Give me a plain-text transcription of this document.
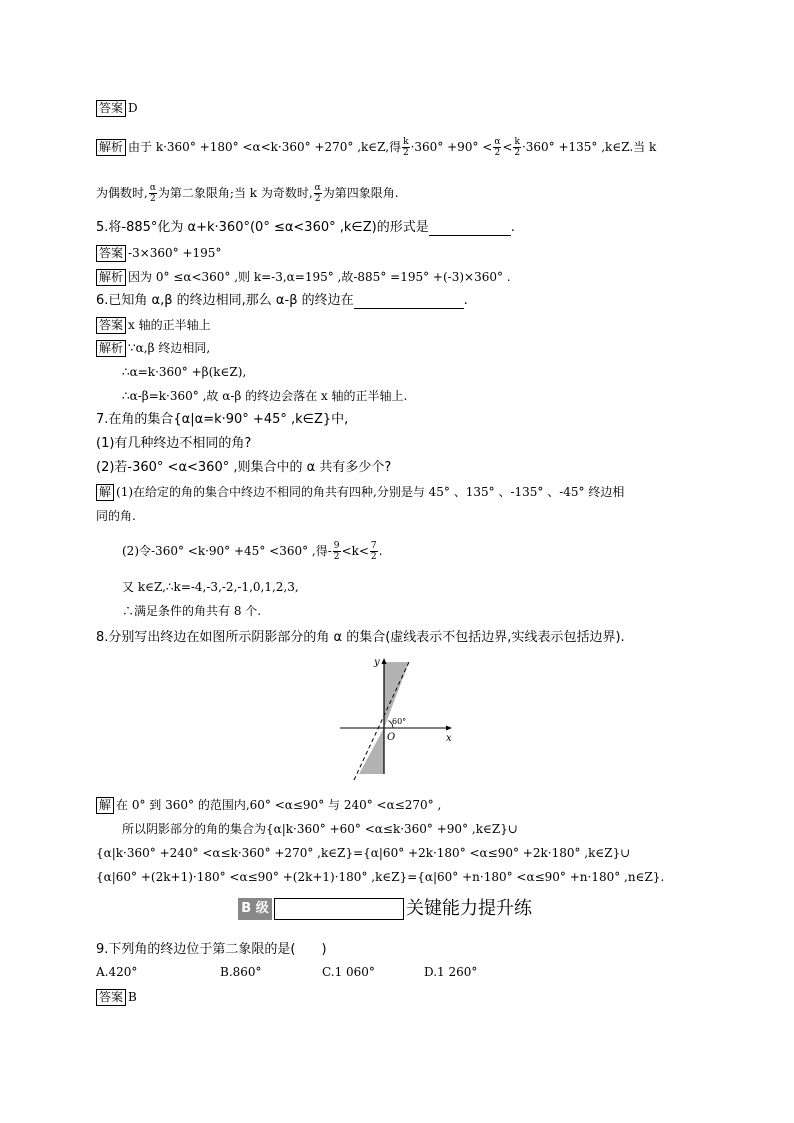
答案 D
解析 由于 k·360° +180° <α<k·360° +270° ,k∈Z,得 $\frac{k}{2} \cdot 360^\circ +90^\circ < \frac{\alpha}{2} < \frac{k}{2} \cdot 360^\circ +135^\circ$ ,k∈Z.当 k
为偶数时, $\frac{\alpha}{2}$ 为第二象限角;当 k 为奇数时, $\frac{\alpha}{2}$ 为第四象限角.
5.将-885°化为 α+k·360°(0° ≤α<360° ,k∈Z)的形式是	.
答案 -3×360° +195°
解析 因为 0° ≤α<360° ,则 k=-3,α=195° ,故-885° =195° +(-3)×360° .
6.已知角 α,β 的终边相同,那么 α-β 的终边在	.
答案 x 轴的正半轴上
解析 ∵α,β 终边相同,
∴α=k·360° +β(k∈Z),
∴α-β=k·360° ,故 α-β 的终边会落在 x 轴的正半轴上.
7.在角的集合{α|α=k·90° +45° ,k∈Z}中,
(1)有几种终边不相同的角?
(2)若-360° <α<360° ,则集合中的 α 共有多少个?
解 (1)在给定的角的集合中终边不相同的角共有四种,分别是与 45° 、135° 、-135° 、-45° 终边相
同的角.
(2)令-360° <k·90° +45° <360° ,得- $\frac{9}{2} <k< \frac{7}{2}$ .
又 k∈Z,∴k=-4,-3,-2,-1,0,1,2,3,
∴满足条件的角共有 8 个.
8.分别写出终边在如图所示阴影部分的角 α 的集合(虚线表示不包括边界,实线表示包括边界).
y
x
O
60°
解 在 0° 到 360° 的范围内,60° <α≤90° 与 240° <α≤270° ,
所以阴影部分的角的集合为{α|k·360° +60° <α≤k·360° +90° ,k∈Z}∪
{α|k·360° +240° <α≤k·360° +270° ,k∈Z}={α|60° +2k·180° <α≤90° +2k·180° ,k∈Z}∪
{α|60° +(2k+1)·180° <α≤90° +(2k+1)·180° ,k∈Z}={α|60° +n·180° <α≤90° +n·180° ,n∈Z}.
B 级	关键能力提升练
9.下列角的终边位于第二象限的是(　　)
A.420°	B.860°	C.1 060°	D.1 260°
答案 B
